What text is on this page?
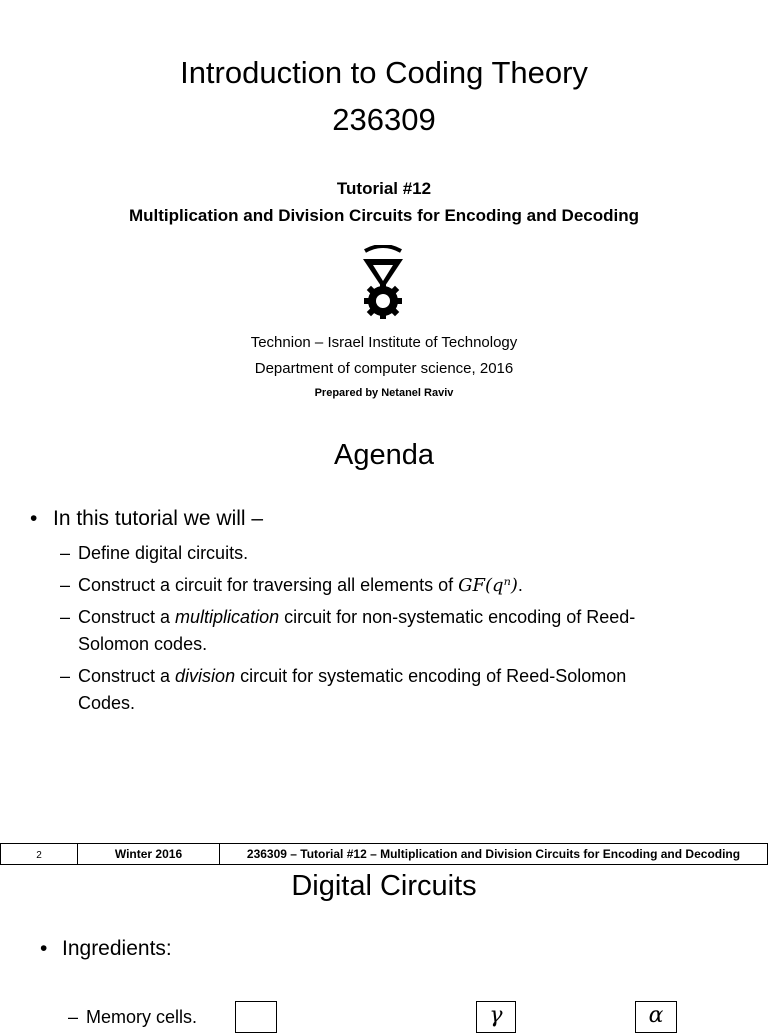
Introduction to Coding Theory
236309
Tutorial #12
Multiplication and Division Circuits for Encoding and Decoding
Technion – Israel Institute of Technology
Department of computer science, 2016
Prepared by Netanel Raviv
Agenda
• In this tutorial we will –
– Define digital circuits.
– Construct a circuit for traversing all elements of GF(qⁿ).
– Construct a multiplication circuit for non-systematic encoding of Reed-
Solomon codes.
– Construct a division circuit for systematic encoding of Reed-Solomon
Codes.
2	Winter 2016	236309 – Tutorial #12 – Multiplication and Division Circuits for Encoding and Decoding
Digital Circuits
• Ingredients:
– Memory cells.	γ	α
